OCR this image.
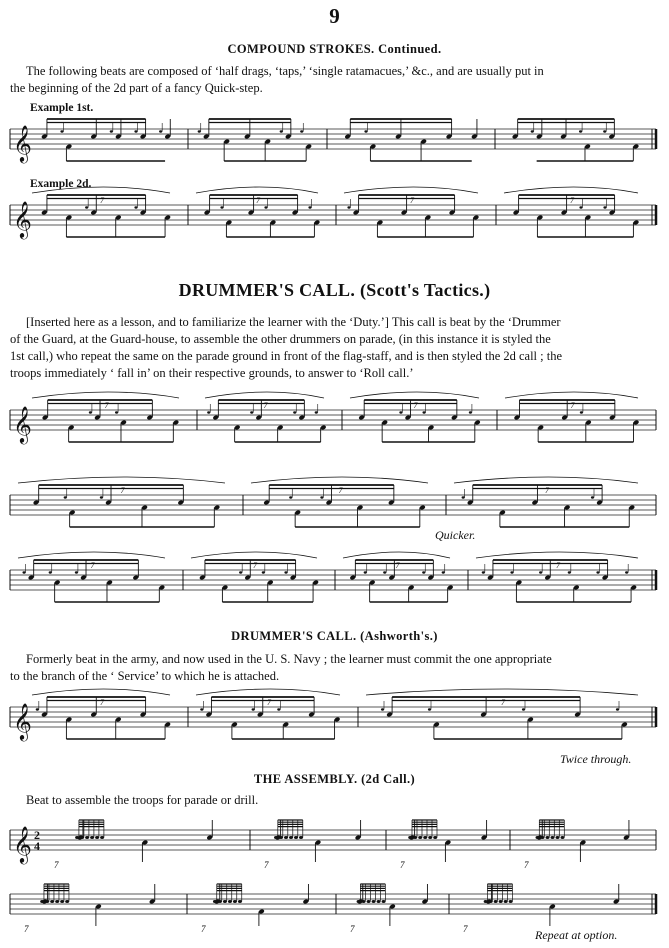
9
COMPOUND STROKES. Continued.
The following beats are composed of ‘half drags, ‘taps,’ ‘single ratamacues,’ &c., and are usually put in
the beginning of the 2d part of a fancy Quick-step.
Example 1st.
𝄞
Example 2d.
𝄞	7	7	7	7
DRUMMER'S CALL. (Scott's Tactics.)
[Inserted here as a lesson, and to familiarize the learner with the ‘Duty.’] This call is beat by the ‘Drummer
of the Guard, at the Guard-house, to assemble the other drummers on parade, (in this instance it is styled the
1st call,) who repeat the same on the parade ground in front of the flag-staff, and is then styled the 2d call ; the
troops immediately ‘ fall in’ on their respective grounds, to answer to ‘Roll call.’
𝄞	7	7	7	7
7	7	7
Quicker.
7	7	7	7
DRUMMER'S CALL. (Ashworth's.)
Formerly beat in the army, and now used in the U. S. Navy ; the learner must commit the one appropriate
to the branch of the ‘ Service’ to which he is attached.
𝄞	7	7	7
Twice through.
THE ASSEMBLY. (2d Call.)
Beat to assemble the troops for parade or drill.
𝄞 2
4
7	7	7	7
7	7	7	7	Repeat at option.
